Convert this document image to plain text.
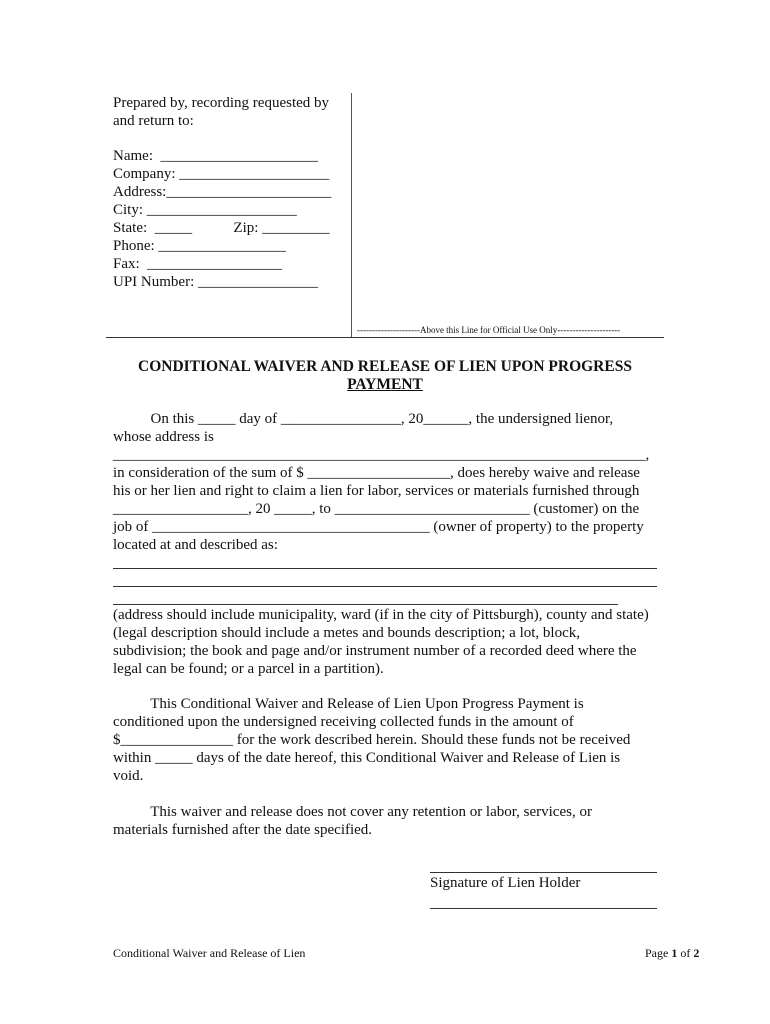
Prepared by, recording requested by
and return to:
Name:  _____________________
Company: ____________________
Address:______________________
City: ____________________
State:  _____           Zip: _________
Phone: _________________
Fax:  __________________
UPI Number: ________________
---------------------Above this Line for Official Use Only---------------------
CONDITIONAL WAIVER AND RELEASE OF LIEN UPON PROGRESS
PAYMENT
On this _____ day of ________________, 20______, the undersigned lienor,
whose address is
_______________________________________________________________________,
in consideration of the sum of $ ___________________, does hereby waive and release
his or her lien and right to claim a lien for labor, services or materials furnished through
__________________, 20 _____, to __________________________ (customer) on the
job of _____________________________________ (owner of property) to the property
located at and described as:
(address should include municipality, ward (if in the city of Pittsburgh), county and state)
(legal description should include a metes and bounds description; a lot, block,
subdivision; the book and page and/or instrument number of a recorded deed where the
legal can be found; or a parcel in a partition).
This Conditional Waiver and Release of Lien Upon Progress Payment is
conditioned upon the undersigned receiving collected funds in the amount of
$_______________ for the work described herein. Should these funds not be received
within _____ days of the date hereof, this Conditional Waiver and Release of Lien is
void.
This waiver and release does not cover any retention or labor, services, or
materials furnished after the date specified.
Signature of Lien Holder
Conditional Waiver and Release of Lien	Page 1 of 2
